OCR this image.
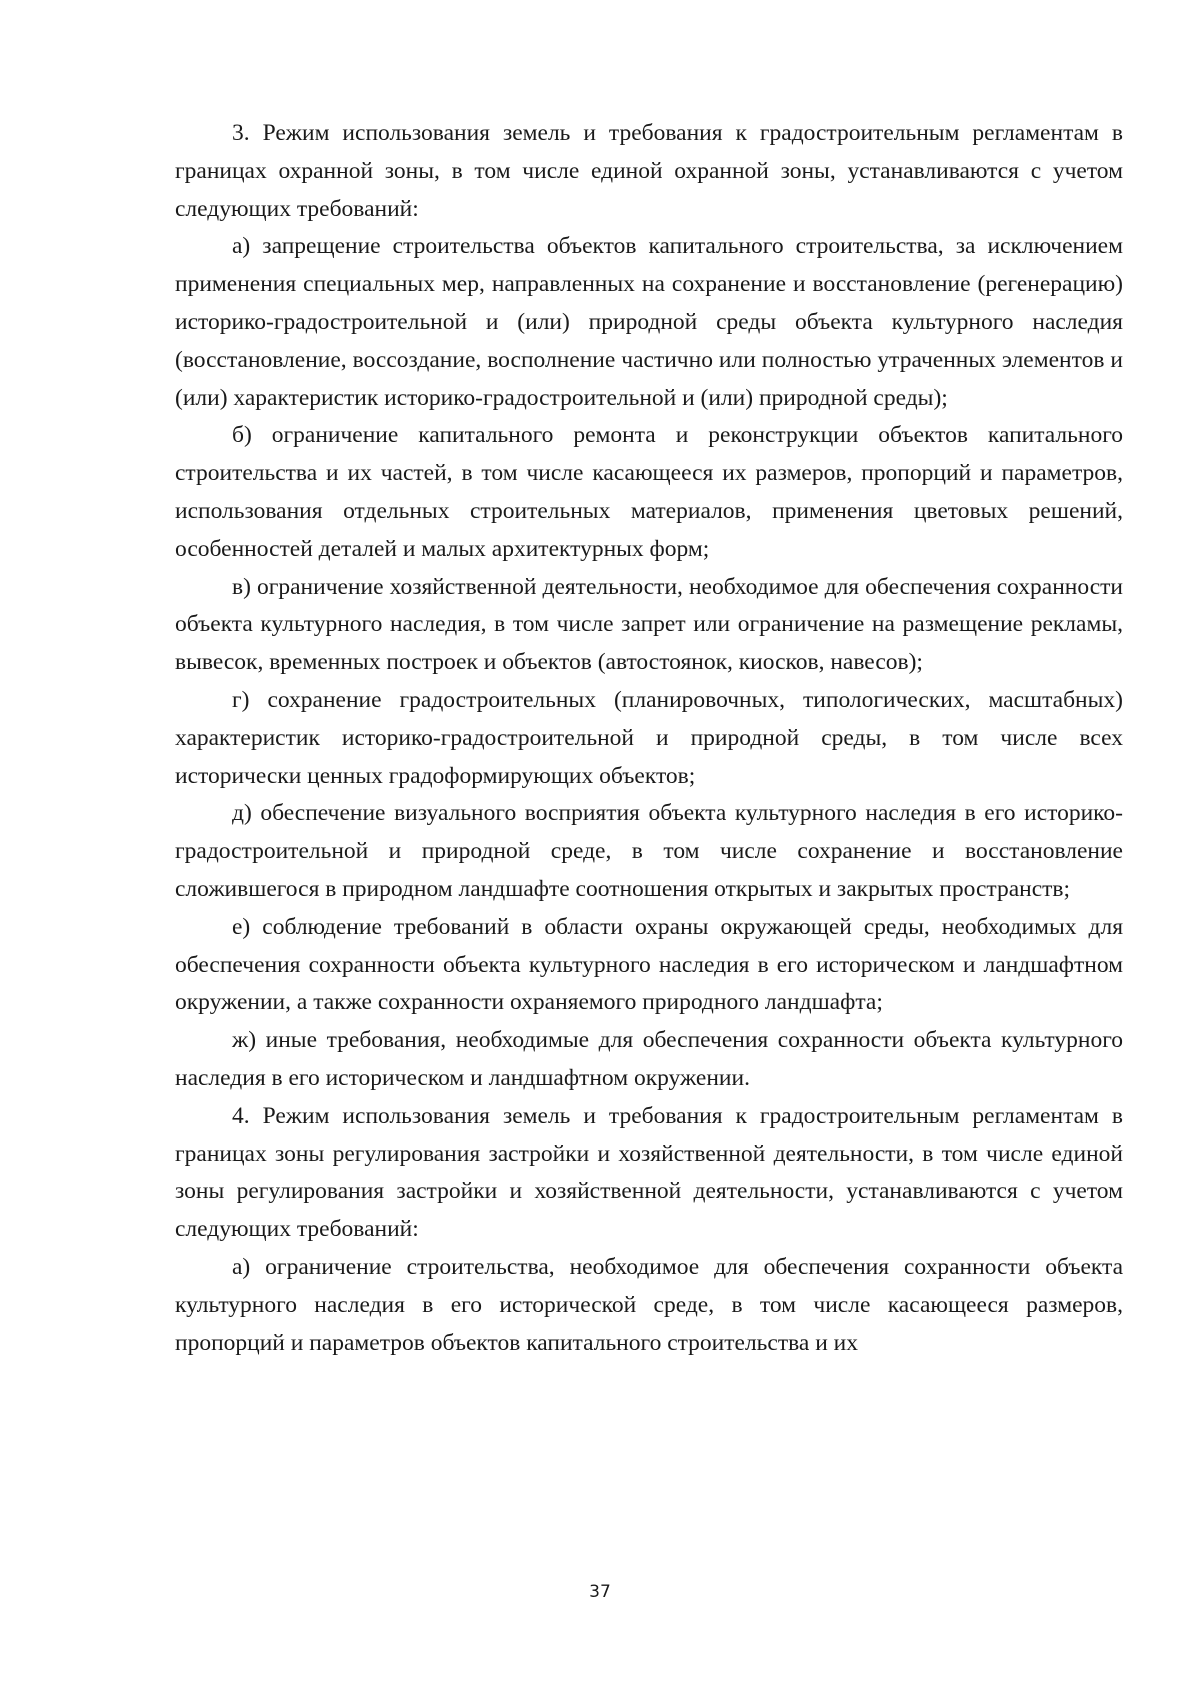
3. Режим использования земель и требования к градостроительным регламентам в границах охранной зоны, в том числе единой охранной зоны, устанавливаются с учетом следующих требований:

а) запрещение строительства объектов капитального строительства, за исключением применения специальных мер, направленных на сохранение и восстановление (регенерацию) историко-градостроительной и (или) природной среды объекта культурного наследия (восстановление, воссоздание, восполнение частично или полностью утраченных элементов и (или) характеристик историко-градостроительной и (или) природной среды);

б) ограничение капитального ремонта и реконструкции объектов капитального строительства и их частей, в том числе касающееся их размеров, пропорций и параметров, использования отдельных строительных материалов, применения цветовых решений, особенностей деталей и малых архитектурных форм;

в) ограничение хозяйственной деятельности, необходимое для обеспечения сохранности объекта культурного наследия, в том числе запрет или ограничение на размещение рекламы, вывесок, временных построек и объектов (автостоянок, киосков, навесов);

г) сохранение градостроительных (планировочных, типологических, масштабных) характеристик историко-градостроительной и природной среды, в том числе всех исторически ценных градоформирующих объектов;

д) обеспечение визуального восприятия объекта культурного наследия в его историко-градостроительной и природной среде, в том числе сохранение и восстановление сложившегося в природном ландшафте соотношения открытых и закрытых пространств;

е) соблюдение требований в области охраны окружающей среды, необходимых для обеспечения сохранности объекта культурного наследия в его историческом и ландшафтном окружении, а также сохранности охраняемого природного ландшафта;

ж) иные требования, необходимые для обеспечения сохранности объекта культурного наследия в его историческом и ландшафтном окружении.

4. Режим использования земель и требования к градостроительным регламентам в границах зоны регулирования застройки и хозяйственной деятельности, в том числе единой зоны регулирования застройки и хозяйственной деятельности, устанавливаются с учетом следующих требований:

а) ограничение строительства, необходимое для обеспечения сохранности объекта культурного наследия в его исторической среде, в том числе касающееся размеров, пропорций и параметров объектов капитального строительства и их

37
